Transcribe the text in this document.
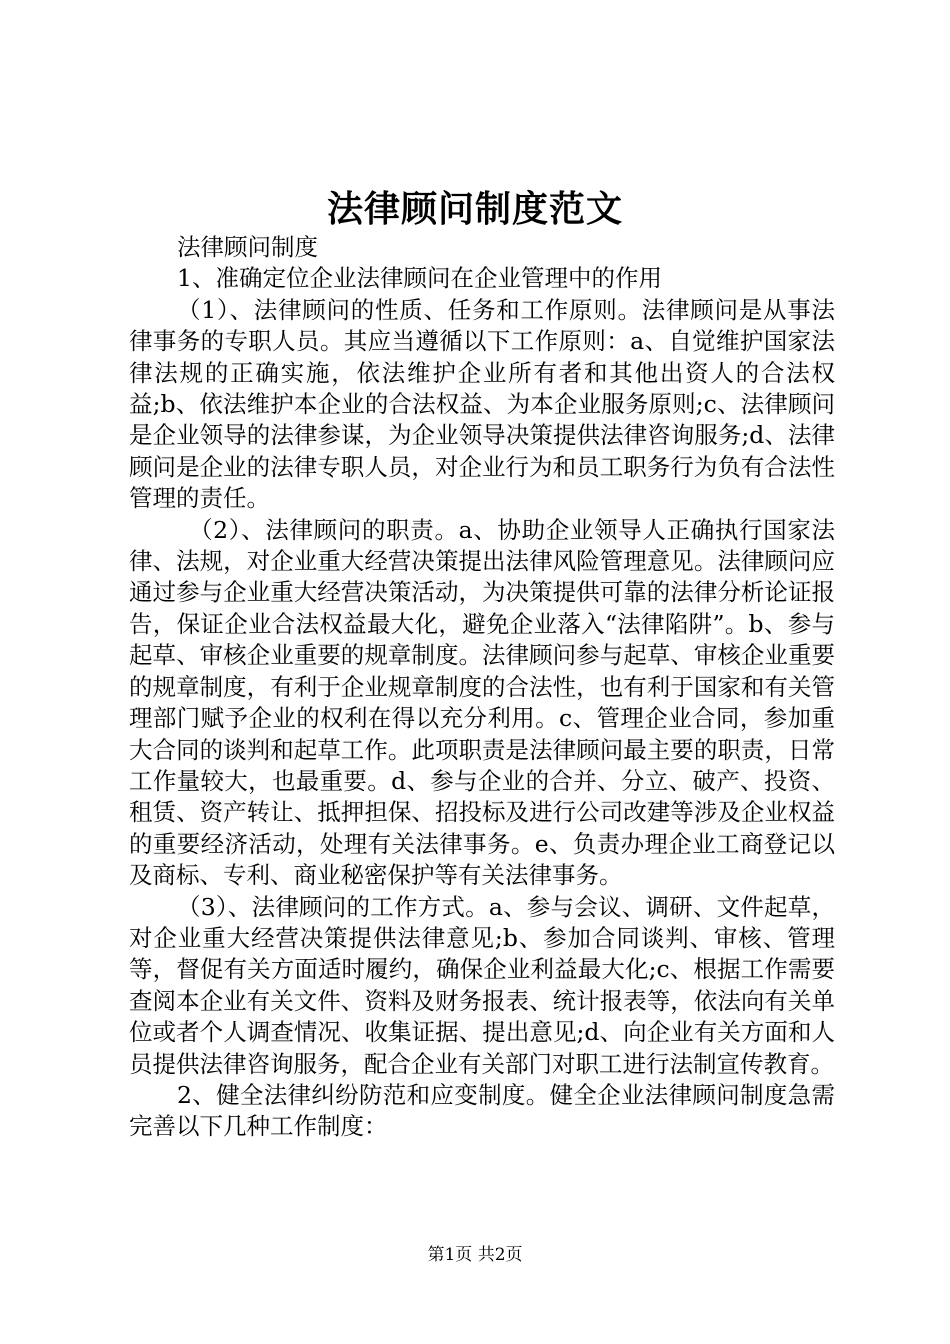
法律顾问制度范文

法律顾问制度

1、准确定位企业法律顾问在企业管理中的作用

（1）、法律顾问的性质、任务和工作原则。法律顾问是从事法律事务的专职人员。其应当遵循以下工作原则：a、自觉维护国家法律法规的正确实施，依法维护企业所有者和其他出资人的合法权益;b、依法维护本企业的合法权益、为本企业服务原则;c、法律顾问是企业领导的法律参谋，为企业领导决策提供法律咨询服务;d、法律顾问是企业的法律专职人员，对企业行为和员工职务行为负有合法性管理的责任。

（2）、法律顾问的职责。a、协助企业领导人正确执行国家法律、法规，对企业重大经营决策提出法律风险管理意见。法律顾问应通过参与企业重大经营决策活动，为决策提供可靠的法律分析论证报告，保证企业合法权益最大化，避免企业落入“法律陷阱”。b、参与起草、审核企业重要的规章制度。法律顾问参与起草、审核企业重要的规章制度，有利于企业规章制度的合法性，也有利于国家和有关管理部门赋予企业的权利在得以充分利用。c、管理企业合同，参加重大合同的谈判和起草工作。此项职责是法律顾问最主要的职责，日常工作量较大，也最重要。d、参与企业的合并、分立、破产、投资、租赁、资产转让、抵押担保、招投标及进行公司改建等涉及企业权益的重要经济活动，处理有关法律事务。e、负责办理企业工商登记以及商标、专利、商业秘密保护等有关法律事务。

（3）、法律顾问的工作方式。a、参与会议、调研、文件起草，对企业重大经营决策提供法律意见;b、参加合同谈判、审核、管理等，督促有关方面适时履约，确保企业利益最大化;c、根据工作需要查阅本企业有关文件、资料及财务报表、统计报表等，依法向有关单位或者个人调查情况、收集证据、提出意见;d、向企业有关方面和人员提供法律咨询服务，配合企业有关部门对职工进行法制宣传教育。

2、健全法律纠纷防范和应变制度。健全企业法律顾问制度急需完善以下几种工作制度：

第1页 共2页
